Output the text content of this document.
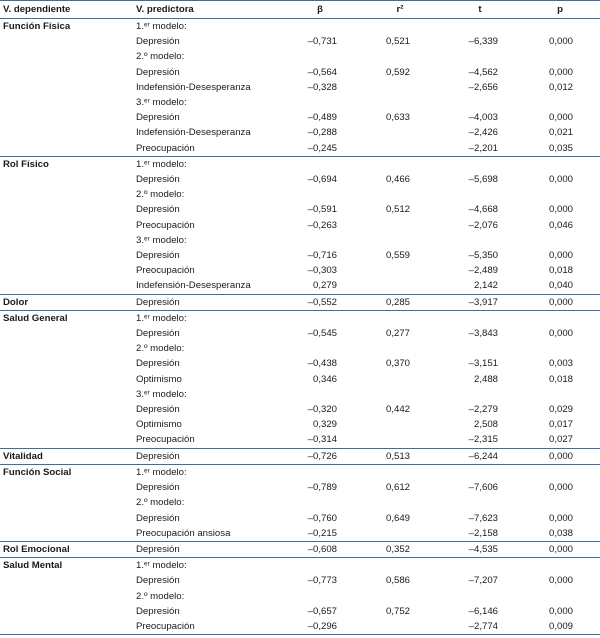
V. dependiente	V. predictora	β	r²	t	p
Función Física	1.ᵉʳ modelo:				
	Depresión	–0,731	0,521	–6,339	0,000
	2.º modelo:				
	Depresión	–0,564	0,592	–4,562	0,000
	Indefensión-Desesperanza	–0,328		–2,656	0,012
	3.ᵉʳ modelo:				
	Depresión	–0,489	0,633	–4,003	0,000
	Indefensión-Desesperanza	–0,288		–2,426	0,021
	Preocupación	–0,245		–2,201	0,035
Rol Físico	1.ᵉʳ modelo:				
	Depresión	–0,694	0,466	–5,698	0,000
	2.º modelo:				
	Depresión	–0,591	0,512	–4,668	0,000
	Preocupación	–0,263		–2,076	0,046
	3.ᵉʳ modelo:				
	Depresión	–0,716	0,559	–5,350	0,000
	Preocupación	–0,303		–2,489	0,018
	Indefensión-Desesperanza	0,279		2,142	0,040
Dolor	Depresión	–0,552	0,285	–3,917	0,000
Salud General	1.ᵉʳ modelo:				
	Depresión	–0,545	0,277	–3,843	0,000
	2.º modelo:				
	Depresión	–0,438	0,370	–3,151	0,003
	Optimismo	0,346		2,488	0,018
	3.ᵉʳ modelo:				
	Depresión	–0,320	0,442	–2,279	0,029
	Optimismo	0,329		2,508	0,017
	Preocupación	–0,314		–2,315	0,027
Vitalidad	Depresión	–0,726	0,513	–6,244	0,000
Función Social	1.ᵉʳ modelo:				
	Depresión	–0,789	0,612	–7,606	0,000
	2.º modelo:				
	Depresión	–0,760	0,649	–7,623	0,000
	Preocupación ansiosa	–0,215		–2,158	0,038
Rol Emocional	Depresión	–0,608	0,352	–4,535	0,000
Salud Mental	1.ᵉʳ modelo:				
	Depresión	–0,773	0,586	–7,207	0,000
	2.º modelo:				
	Depresión	–0,657	0,752	–6,146	0,000
	Preocupación	–0,296		–2,774	0,009
